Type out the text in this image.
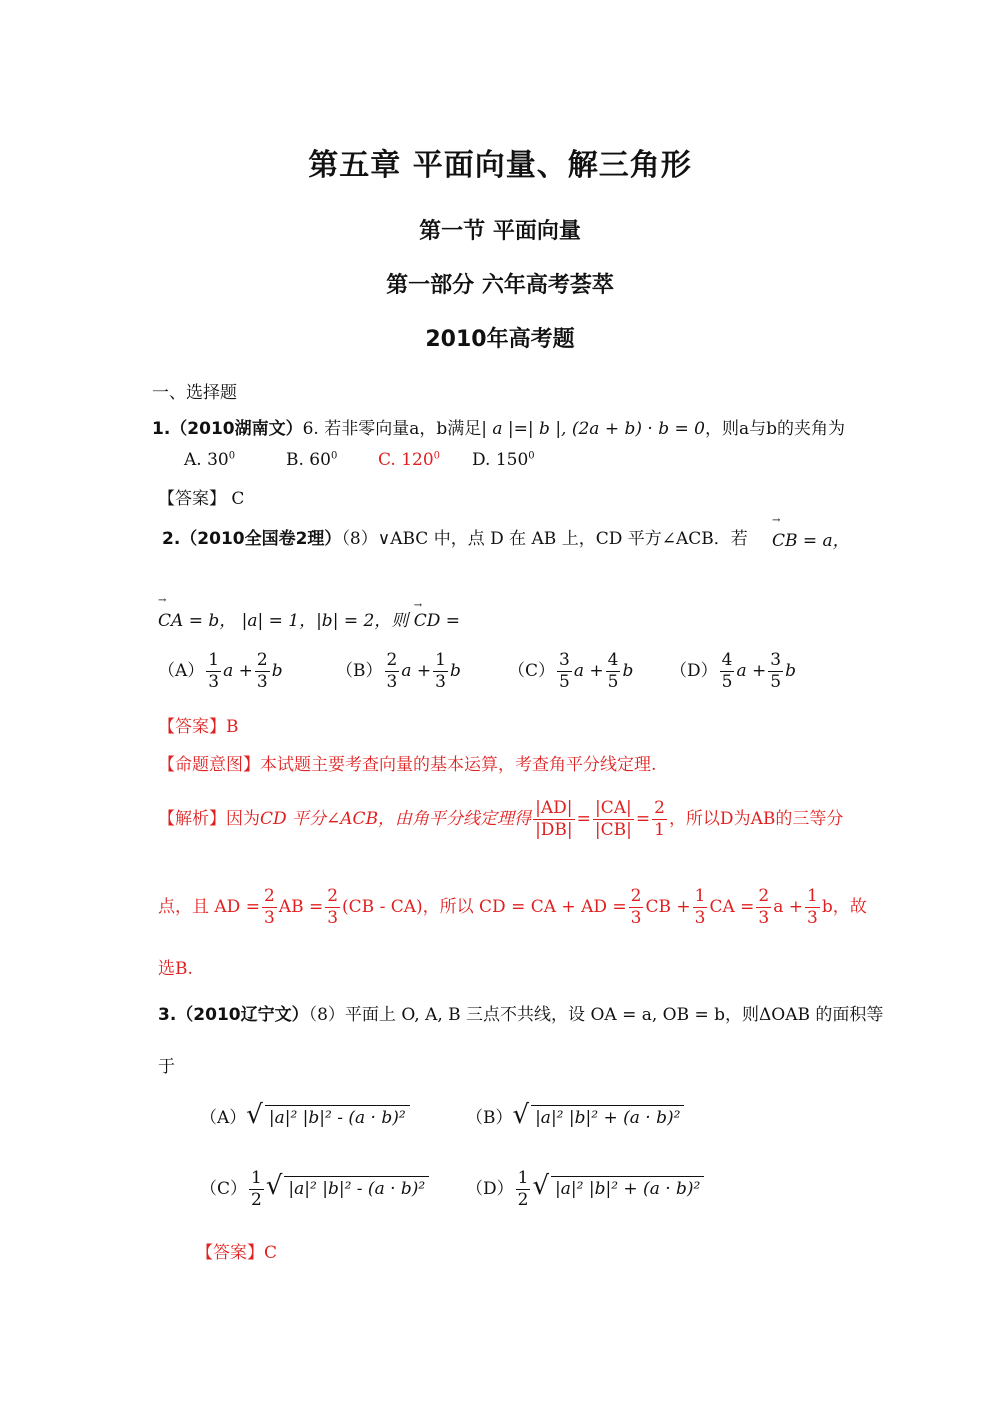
第五章 平面向量、解三角形
第一节 平面向量
第一部分 六年高考荟萃
2010年高考题
一、选择题
1.（2010湖南文）6. 若非零向量a，b满足| a |=| b |, (2a + b) · b = 0，则a与b的夹角为
A. $30^0$	B. $60^0$ C. $120^0$ D. $150^0$
【答案】 C
2.（2010全国卷2理）（8）∨ABC 中，点 D 在 AB 上，CD 平方∠ACB．若 → CB = a，
→ CA = b， |a| = 1，|b| = 2，则 → CD =
$(A) \frac{1}{3}$ $a + \frac{2}{3}$ b	$(B) \frac{2}{3}$ $a + \frac{1}{3}$ b	$(C) \frac{3}{5}$ $a + \frac{4}{5}$ b $(D) \frac{4}{5}$ $a + \frac{3}{5}$ b
【答案】B
【命题意图】本试题主要考查向量的基本运算，考查角平分线定理.
【解析】因为CD 平分∠ACB，由角平分线定理得 $\frac{|AD|}{|DB|} = \frac{|CA|}{|CB|} = \frac{2}{1}$ ，所以D为AB的三等分
点，且 AD = $\frac{2}{3}$ AB = $\frac{2}{3} (CB - CA)$，所以 CD = CA + AD = $\frac{2}{3}$ CB + $\frac{1}{3}$ CA = $\frac{2}{3}$ $a + \frac{1}{3}$ b，故
选B.
3.（2010辽宁文）（8）平面上 O, A, B 三点不共线，设 OA = a, OB = b，则ΔOAB 的面积等
于
（A）√ |a|² |b|² - (a · b)²	（B）√ |a|² |b|² + (a · b)²
$(C) \frac{1}{2}$ √ |a|² |b|² - (a · b)² $(D) \frac{1}{2}$ √ |a|² |b|² + (a · b)²
【答案】C
